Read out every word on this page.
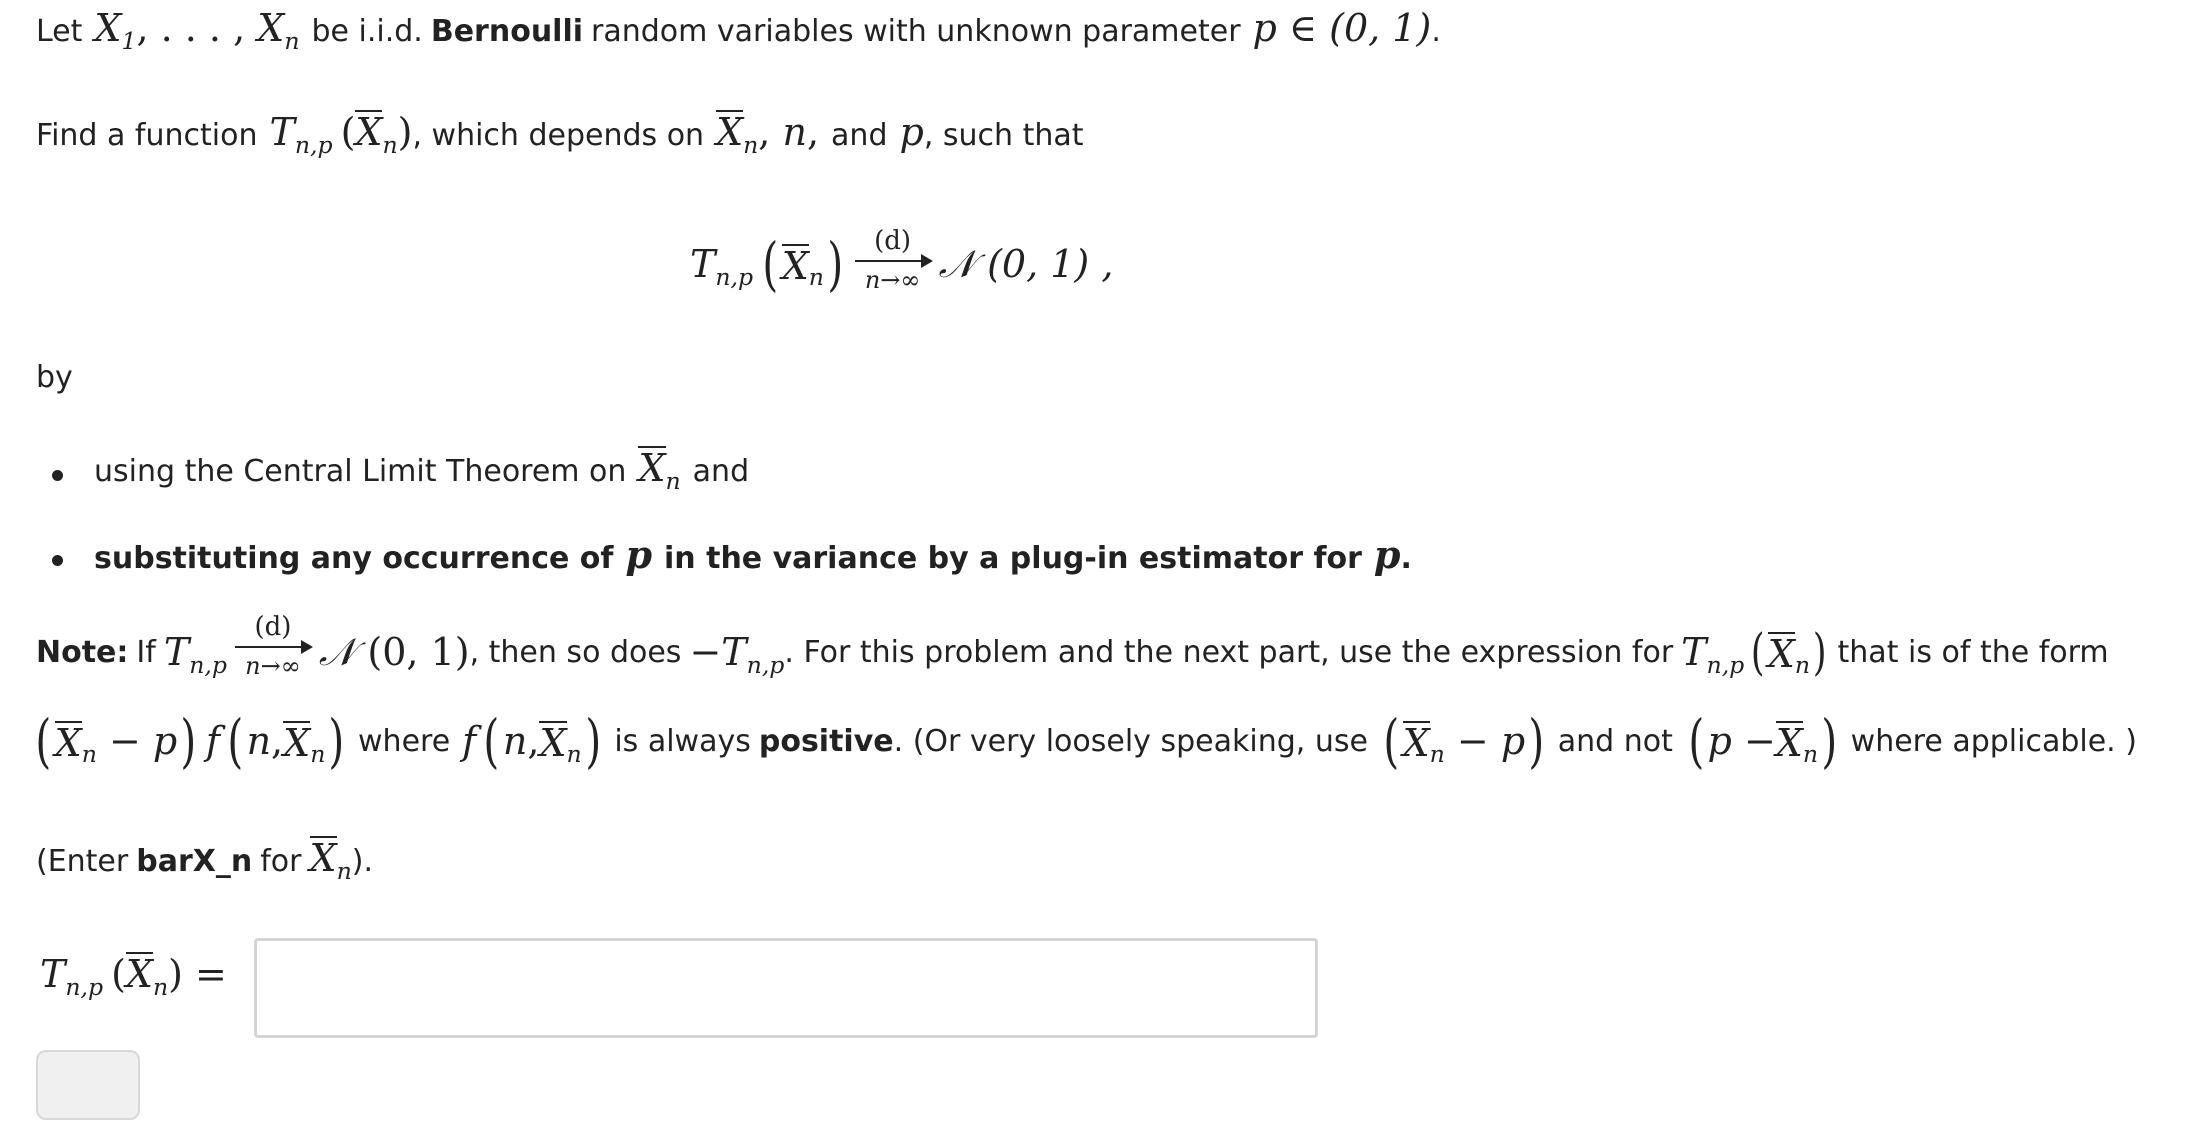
Let $X_1$, . . . , $X_n$ be i.i.d. Bernoulli random variables with unknown parameter p ∈ (0, 1) .
Find a function $T_{n,p}$ ( X $_n$ ) , which depends on X $_n$, n, and p , such that
$T_{n,p}$ ( X $_n$ ) (d)
n→∞ 𝒩 (0, 1) ,
by
using the Central Limit Theorem on X $_n$ and
substituting any occurrence of p in the variance by a plug-in estimator for p .
Note: If $T_{n,p}$
(d)
n→∞ 𝒩 (0, 1) , then so does $-T_{n,p}$ . For this problem and the next part, use the expression for $T_{n,p}$ ( X $_n$ ) that is of the form
( X $_n$ − p ) f ( n, X $_n$ ) where f ( n, X $_n$ ) is always positive . (Or very loosely speaking, use ( X $_n$ − p ) and not ( p − X $_n$ ) where applicable. )
(Enter barX_n for X $_n$ ).
$T_{n,p}$ ( X $_n$ ) =
